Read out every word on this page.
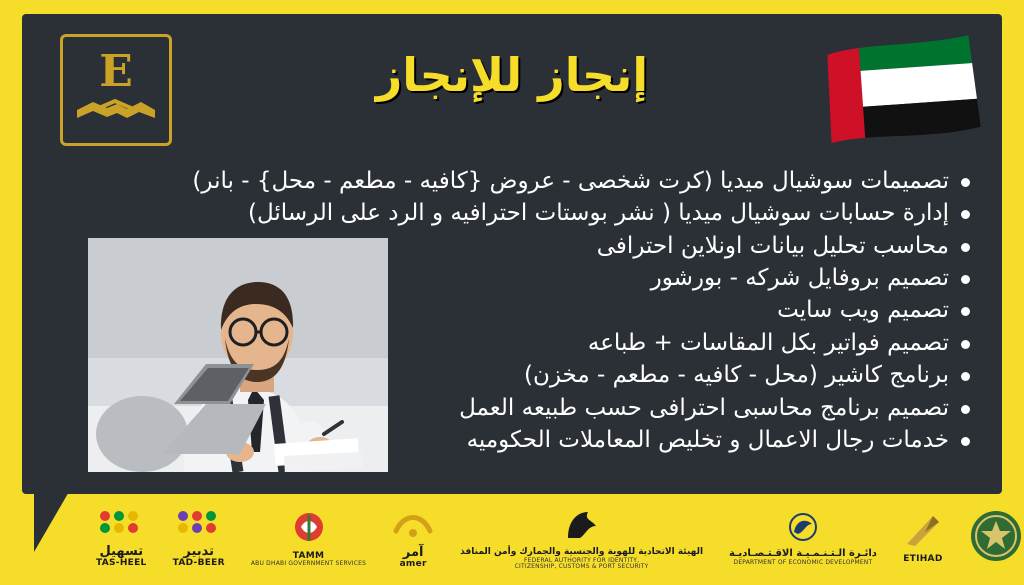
E	إنجاز للإنجاز
تصميمات سوشيال ميديا (كرت شخصى - عروض {كافيه - مطعم - محل} - بانر)
إدارة حسابات سوشيال ميديا ( نشر بوستات احترافيه و الرد على الرسائل)
محاسب تحليل بيانات اونلاين احترافى
تصميم بروفايل شركه - بورشور
تصميم ويب سايت
تصميم فواتير بكل المقاسات + طباعه
برنامج كاشير (محل - كافيه - مطعم - مخزن)
تصميم برنامج محاسبى احترافى حسب طبيعه العمل
خدمات رجال الاعمال و تخليص المعاملات الحكوميه
تسهيل
TAS-HEEL
تدبير
TAD-BEER
TAMM
ABU DHABI GOVERNMENT SERVICES
آمر
amer
الهيئة الاتحادية للهوية والجنسية والجمارك وأمن المنافذ
FEDERAL AUTHORITY FOR IDENTITY,
CITIZENSHIP, CUSTOMS & PORT SECURITY
دائـرة الـتـنـمـيـة الاقـتـصـاديـة
DEPARTMENT OF ECONOMIC DEVELOPMENT	ETIHAD
